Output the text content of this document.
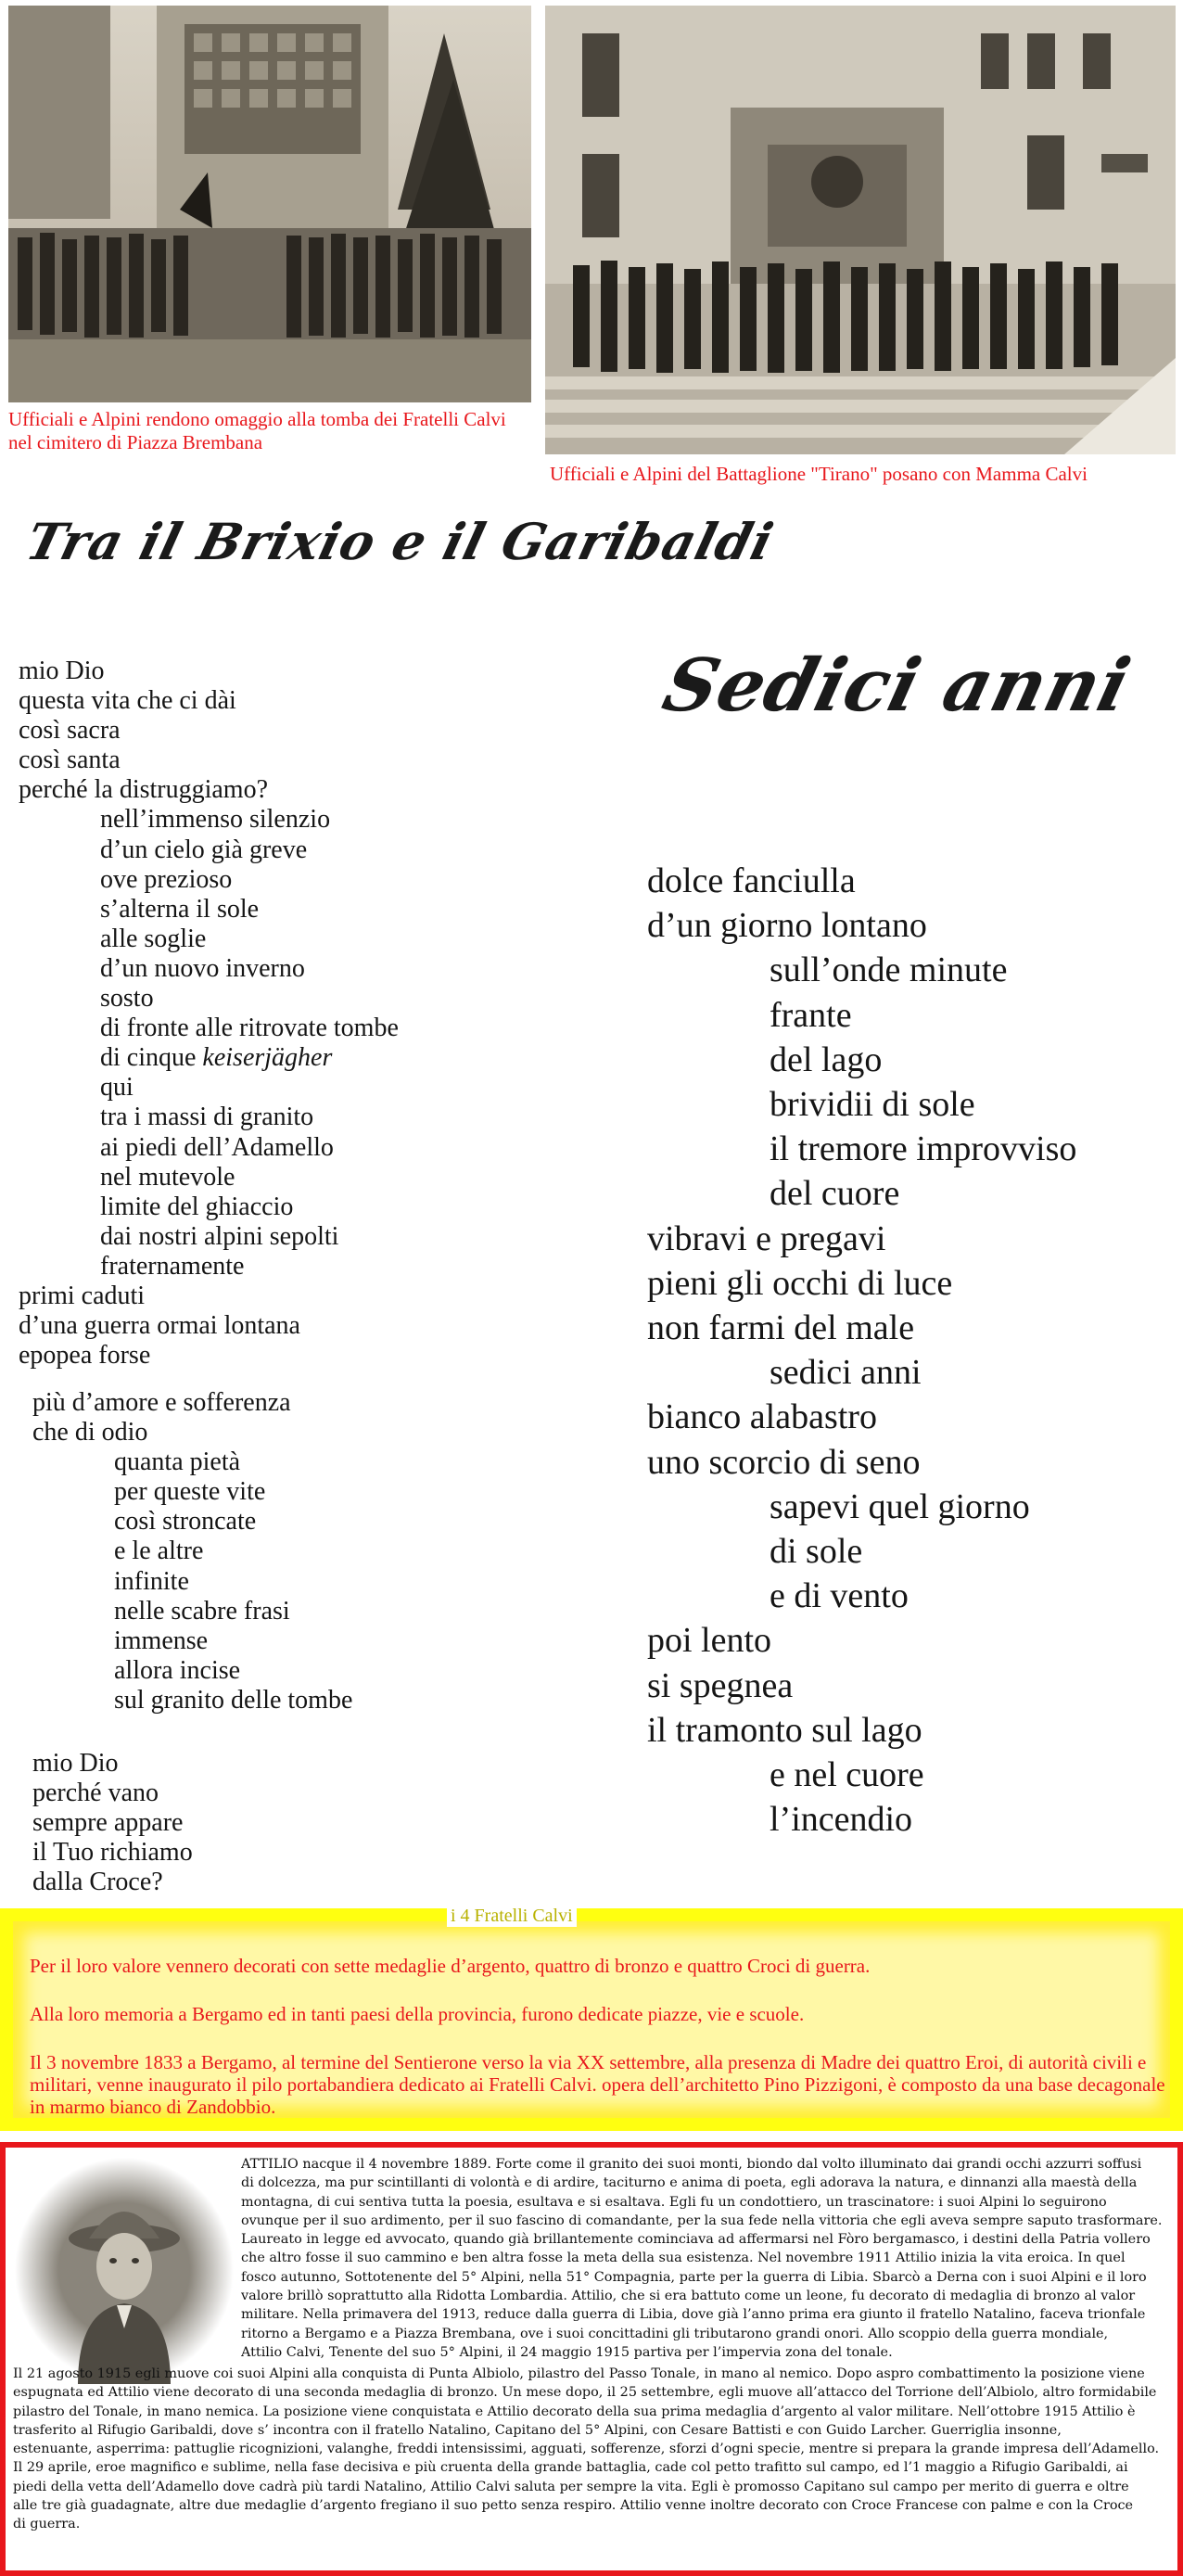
Ufficiali e Alpini rendono omaggio alla tomba dei Fratelli Calvi nel cimitero di Piazza Brembana
Ufficiali e Alpini del Battaglione "Tirano" posano con Mamma Calvi
Tra il Brixio e il Garibaldi
mio Dio
questa vita che ci dài
così sacra
così santa
perché la distruggiamo?
nell’immenso silenzio
d’un cielo già greve
ove prezioso
s’alterna il sole
alle soglie
d’un nuovo inverno
sosto
di fronte alle ritrovate tombe
di cinque keiserjägher
qui
tra i massi di granito
ai piedi dell’Adamello
nel mutevole
limite del ghiaccio
dai nostri alpini sepolti
fraternamente
primi caduti
d’una guerra ormai lontana
epopea forse
più d’amore e sofferenza
che di odio
quanta pietà
per queste vite
così stroncate
e le altre
infinite
nelle scabre frasi
immense
allora incise
sul granito delle tombe
mio Dio
perché vano
sempre appare
il Tuo richiamo
dalla Croce?
Sedici anni
dolce fanciulla
d’un giorno lontano
sull’onde minute
frante
del lago
brividii di sole
il tremore improvviso
del cuore
vibravi e pregavi
pieni gli occhi di luce
non farmi del male
sedici anni
bianco alabastro
uno scorcio di seno
sapevi quel giorno
di sole
e di vento
poi lento
si spegnea
il tramonto sul lago
e nel cuore
l’incendio
i 4 Fratelli Calvi

Per il loro valore vennero decorati con sette medaglie d’argento, quattro di bronzo e quattro Croci di guerra.

Alla loro memoria a Bergamo ed in tanti paesi della provincia, furono dedicate piazze, vie e scuole.

Il 3 novembre 1833 a Bergamo, al termine del Sentierone verso la via XX settembre, alla presenza di Madre dei quattro Eroi, di autorità civili e militari, venne inaugurato il pilo portabandiera dedicato ai Fratelli Calvi. opera dell’architetto Pino Pizzigoni, è composto da una base decagonale in marmo bianco di Zandobbio.

ATTILIO nacque il 4 novembre 1889. Forte come il granito dei suoi monti, biondo dal volto illuminato dai grandi occhi azzurri soffusi
di dolcezza, ma pur scintillanti di volontà e di ardire, taciturno e anima di poeta, egli adorava la natura, e dinnanzi alla maestà della
montagna, di cui sentiva tutta la poesia, esultava e si esaltava. Egli fu un condottiero, un trascinatore: i suoi Alpini lo seguirono
ovunque per il suo ardimento, per il suo fascino di comandante, per la sua fede nella vittoria che egli aveva sempre saputo trasformare.
Laureato in legge ed avvocato, quando già brillantemente cominciava ad affermarsi nel Fòro bergamasco, i destini della Patria vollero
che altro fosse il suo cammino e ben altra fosse la meta della sua esistenza. Nel novembre 1911 Attilio inizia la vita eroica. In quel
fosco autunno, Sottotenente del 5° Alpini, nella 51° Compagnia, parte per la guerra di Libia. Sbarcò a Derna con i suoi Alpini e il loro
valore brillò soprattutto alla Ridotta Lombardia. Attilio, che si era battuto come un leone, fu decorato di medaglia di bronzo al valor
militare. Nella primavera del 1913, reduce dalla guerra di Libia, dove già l’anno prima era giunto il fratello Natalino, faceva trionfale
ritorno a Bergamo e a Piazza Brembana, ove i suoi concittadini gli tributarono grandi onori. Allo scoppio della guerra mondiale,
Attilio Calvi, Tenente del suo 5° Alpini, il 24 maggio 1915 partiva per l’impervia zona del tonale.
Il 21 agosto 1915 egli muove coi suoi Alpini alla conquista di Punta Albiolo, pilastro del Passo Tonale, in mano al nemico. Dopo aspro combattimento la posizione viene
espugnata ed Attilio viene decorato di una seconda medaglia di bronzo. Un mese dopo, il 25 settembre, egli muove all’attacco del Torrione dell’Albiolo, altro formidabile
pilastro del Tonale, in mano nemica. La posizione viene conquistata e Attilio decorato della sua prima medaglia d’argento al valor militare. Nell’ottobre 1915 Attilio è
trasferito al Rifugio Garibaldi, dove s’ incontra con il fratello Natalino, Capitano del 5° Alpini, con Cesare Battisti e con Guido Larcher. Guerriglia insonne,
estenuante, asperrima: pattuglie ricognizioni, valanghe, freddi intensissimi, agguati, sofferenze, sforzi d’ogni specie, mentre si prepara la grande impresa dell’Adamello.
Il 29 aprile, eroe magnifico e sublime, nella fase decisiva e più cruenta della grande battaglia, cade col petto trafitto sul campo, ed l’1 maggio a Rifugio Garibaldi, ai
piedi della vetta dell’Adamello dove cadrà più tardi Natalino, Attilio Calvi saluta per sempre la vita. Egli è promosso Capitano sul campo per merito di guerra e oltre
alle tre già guadagnate, altre due medaglie d’argento fregiano il suo petto senza respiro. Attilio venne inoltre decorato con Croce Francese con palme e con la Croce
di guerra.
